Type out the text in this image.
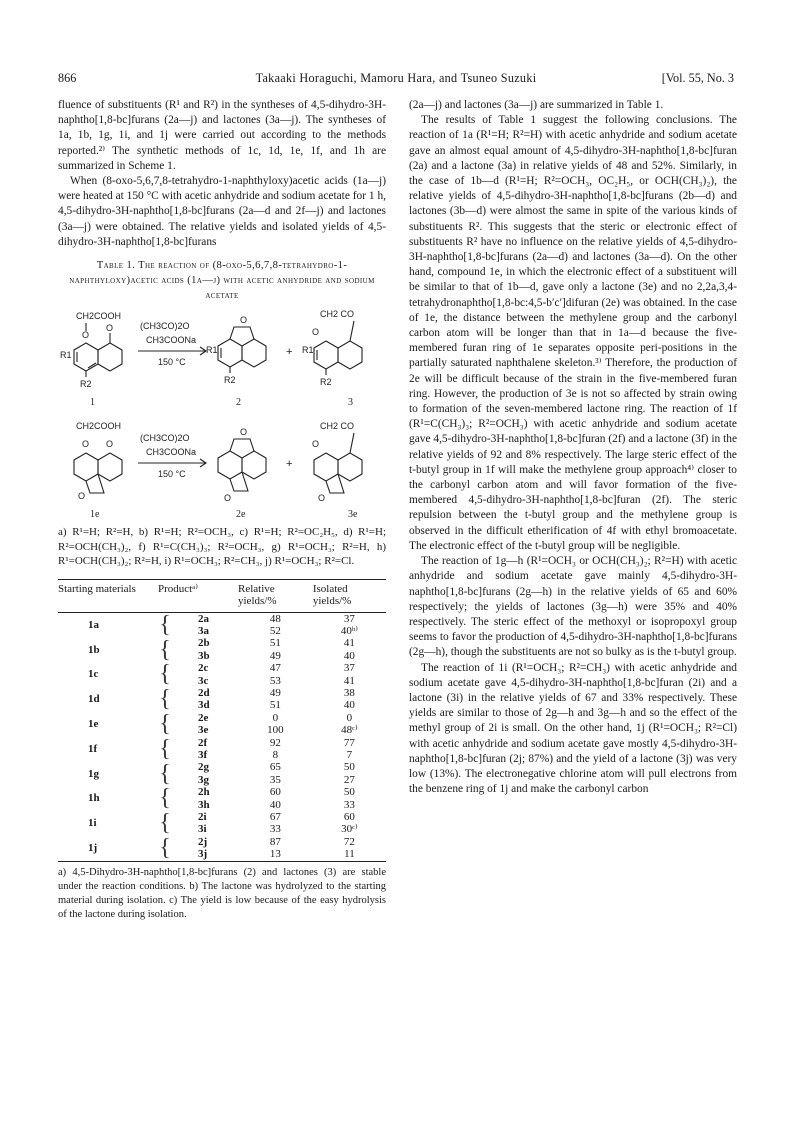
866	Takaaki Horaguchi, Mamoru Hara, and Tsuneo Suzuki	[Vol. 55, No. 3

fluence of substituents (R¹ and R²) in the syntheses of 4,5-dihydro-3H-naphtho[1,8-bc]furans (2a—j) and lactones (3a—j). The syntheses of 1a, 1b, 1g, 1i, and 1j were carried out according to the methods reported.²⁾ The synthetic methods of 1c, 1d, 1e, 1f, and 1h are summarized in Scheme 1.

When (8-oxo-5,6,7,8-tetrahydro-1-naphthyloxy)acetic acids (1a—j) were heated at 150 °C with acetic anhydride and sodium acetate for 1 h, 4,5-dihydro-3H-naphtho[1,8-bc]furans (2a—d and 2f—j) and lactones (3a—j) were obtained. The relative yields and isolated yields of 4,5-dihydro-3H-naphtho[1,8-bc]furans

Table 1. The reaction of (8-oxo-5,6,7,8-tetrahydro-1-naphthyloxy)acetic acids (1a—j) with acetic anhydride and sodium acetate
CH2COOH
O
O
R1
R2
1
(CH3CO)2O
CH3COONa
150 °C
O
R1
R2
2
+
CH2 CO
O
R1
R2
3
CH2COOH
O O
O
1e
(CH3CO)2O
CH3COONa
150 °C
O
O
2e
+
CH2 CO
O
O
3e
a) R¹=H; R²=H, b) R¹=H; R²=OCH₃, c) R¹=H; R²=OC₂H₅, d) R¹=H; R²=OCH(CH₃)₂, f) R¹=C(CH₃)₃; R²=OCH₃, g) R¹=OCH₃; R²=H, h) R¹=OCH(CH₃)₂; R²=H, i) R¹=OCH₃; R²=CH₃, j) R¹=OCH₃; R²=Cl.
Starting materials	Productᵃ⁾		Relative yields/%	Isolated yields/%
1a	{	2a	48	37
		3a	52	40ᵇ⁾
1b	{	2b	51	41
		3b	49	40
1c	{	2c	47	37
		3c	53	41
1d	{	2d	49	38
		3d	51	40
1e	{	2e	0	0
		3e	100	48ᶜ⁾
1f	{	2f	92	77
		3f	8	7
1g	{	2g	65	50
		3g	35	27
1h	{	2h	60	50
		3h	40	33
1i	{	2i	67	60
		3i	33	30ᶜ⁾
1j	{	2j	87	72
		3j	13	11
a) 4,5-Dihydro-3H-naphtho[1,8-bc]furans (2) and lactones (3) are stable under the reaction conditions. b) The lactone was hydrolyzed to the starting material during isolation. c) The yield is low because of the easy hydrolysis of the lactone during isolation.

(2a—j) and lactones (3a—j) are summarized in Table 1.

The results of Table 1 suggest the following conclusions. The reaction of 1a (R¹=H; R²=H) with acetic anhydride and sodium acetate gave an almost equal amount of 4,5-dihydro-3H-naphtho[1,8-bc]furan (2a) and a lactone (3a) in relative yields of 48 and 52%. Similarly, in the case of 1b—d (R¹=H; R²=OCH₃, OC₂H₅, or OCH(CH₃)₂), the relative yields of 4,5-dihydro-3H-naphtho[1,8-bc]furans (2b—d) and lactones (3b—d) were almost the same in spite of the various kinds of substituents R². This suggests that the steric or electronic effect of substituents R² have no influence on the relative yields of 4,5-dihydro-3H-naphtho[1,8-bc]furans (2a—d) and lactones (3a—d). On the other hand, compound 1e, in which the electronic effect of a substituent will be similar to that of 1b—d, gave only a lactone (3e) and no 2,2a,3,4-tetrahydronaphtho[1,8-bc:4,5-b′c′]difuran (2e) was obtained. In the case of 1e, the distance between the methylene group and the carbonyl carbon atom will be longer than that in 1a—d because the five-membered furan ring of 1e separates opposite peri-positions in the partially saturated naphthalene skeleton.³⁾ Therefore, the production of 2e will be difficult because of the strain in the five-membered furan ring. However, the production of 3e is not so affected by strain owing to formation of the seven-membered lactone ring. The reaction of 1f (R¹=C(CH₃)₃; R²=OCH₃) with acetic anhydride and sodium acetate gave 4,5-dihydro-3H-naphtho[1,8-bc]furan (2f) and a lactone (3f) in the relative yields of 92 and 8% respectively. The large steric effect of the t-butyl group in 1f will make the methylene group approach⁴⁾ closer to the carbonyl carbon atom and will favor formation of the five-membered 4,5-dihydro-3H-naphtho[1,8-bc]furan (2f). The steric repulsion between the t-butyl group and the methylene group is observed in the difficult etherification of 4f with ethyl bromoacetate. The electronic effect of the t-butyl group will be negligible.

The reaction of 1g—h (R¹=OCH₃ or OCH(CH₃)₂; R²=H) with acetic anhydride and sodium acetate gave mainly 4,5-dihydro-3H-naphtho[1,8-bc]furans (2g—h) in the relative yields of 65 and 60% respectively; the yields of lactones (3g—h) were 35% and 40% respectively. The steric effect of the methoxyl or isopropoxyl group seems to favor the production of 4,5-dihydro-3H-naphtho[1,8-bc]furans (2g—h), though the substituents are not so bulky as is the t-butyl group.

The reaction of 1i (R¹=OCH₃; R²=CH₃) with acetic anhydride and sodium acetate gave 4,5-dihydro-3H-naphtho[1,8-bc]furan (2i) and a lactone (3i) in the relative yields of 67 and 33% respectively. These yields are similar to those of 2g—h and 3g—h and so the effect of the methyl group of 2i is small. On the other hand, 1j (R¹=OCH₃; R²=Cl) with acetic anhydride and sodium acetate gave mostly 4,5-dihydro-3H-naphtho[1,8-bc]furan (2j; 87%) and the yield of a lactone (3j) was very low (13%). The electronegative chlorine atom will pull electrons from the benzene ring of 1j and make the carbonyl carbon
